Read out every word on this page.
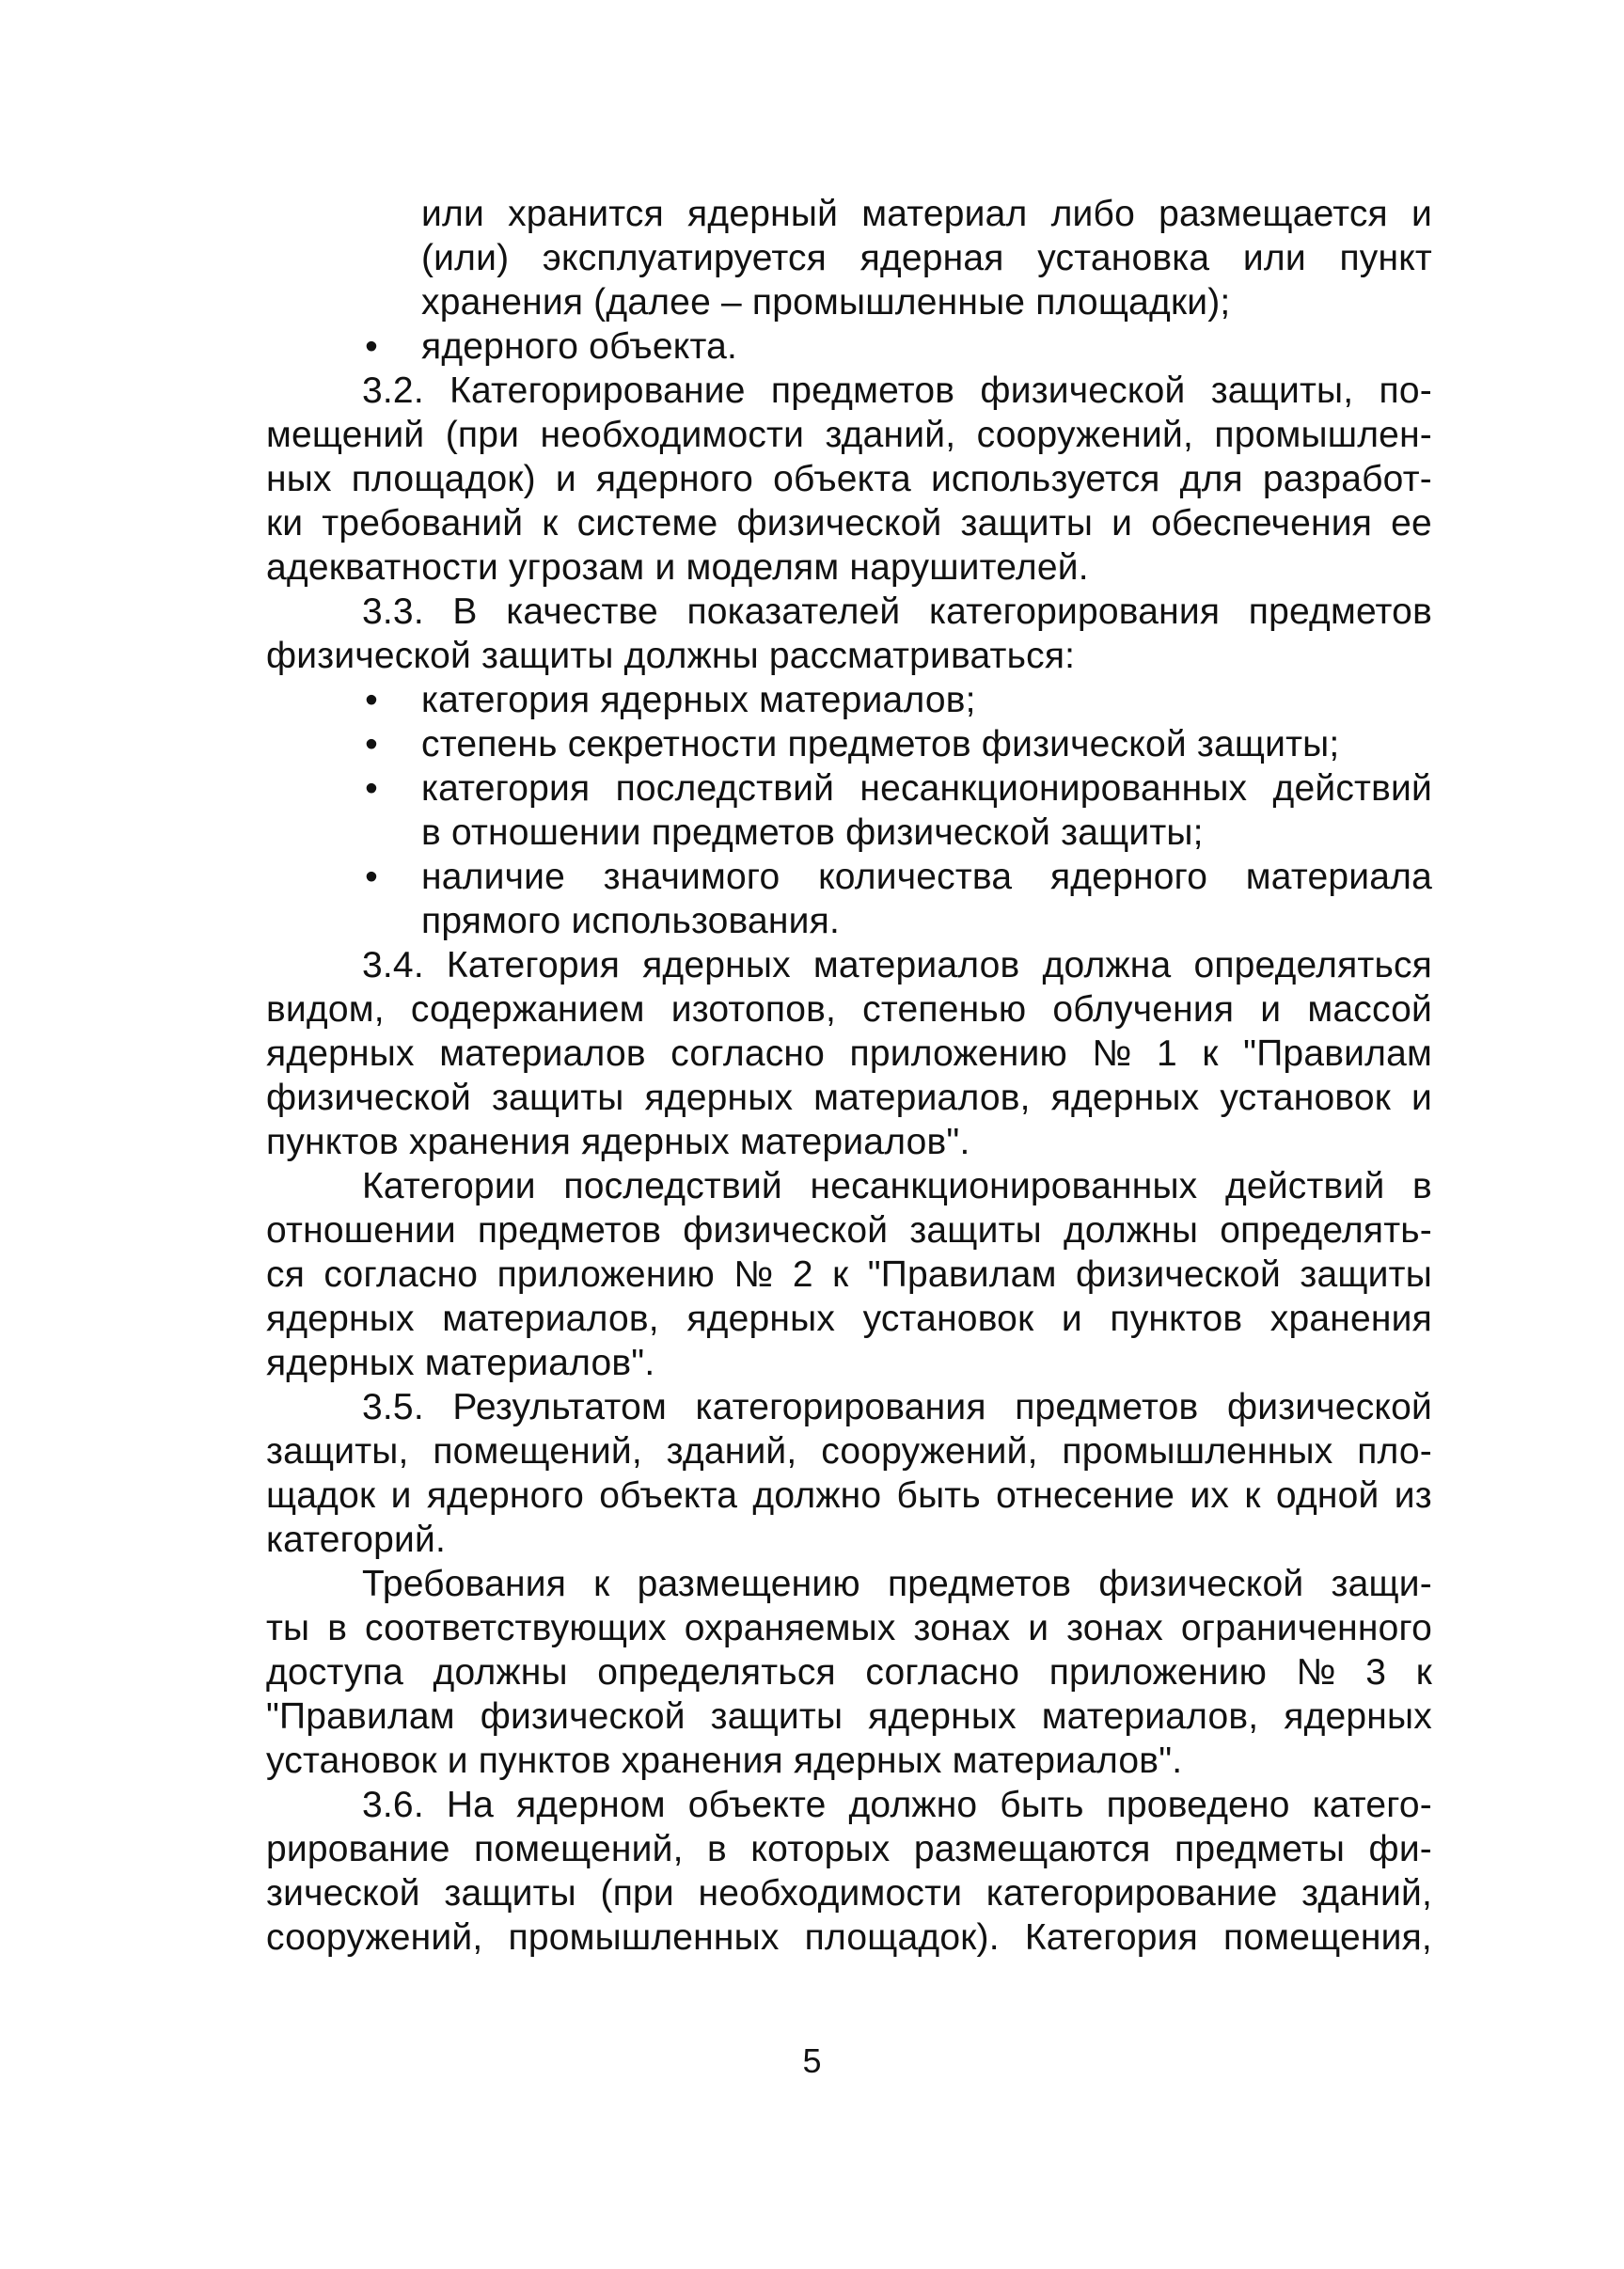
или хранится ядерный материал либо размещается и
(или) эксплуатируется ядерная установка или пункт
хранения (далее – промышленные площадки);
• ядерного объекта.
3.2. Категорирование предметов физической защиты, по-
мещений (при необходимости зданий, сооружений, промышлен-
ных площадок) и ядерного объекта используется для разработ-
ки требований к системе физической защиты и обеспечения ее
адекватности угрозам и моделям нарушителей.
3.3. В качестве показателей категорирования предметов
физической защиты должны рассматриваться:
• категория ядерных материалов;
• степень секретности предметов физической защиты;
• категория последствий несанкционированных действий
в отношении предметов физической защиты;
• наличие значимого количества ядерного материала
прямого использования.
3.4. Категория ядерных материалов должна определяться
видом, содержанием изотопов, степенью облучения и массой
ядерных материалов согласно приложению № 1 к "Правилам
физической защиты ядерных материалов, ядерных установок и
пунктов хранения ядерных материалов".
Категории последствий несанкционированных действий в
отношении предметов физической защиты должны определять-
ся согласно приложению № 2 к "Правилам физической защиты
ядерных материалов, ядерных установок и пунктов хранения
ядерных материалов".
3.5. Результатом категорирования предметов физической
защиты, помещений, зданий, сооружений, промышленных пло-
щадок и ядерного объекта должно быть отнесение их к одной из
категорий.
Требования к размещению предметов физической защи-
ты в соответствующих охраняемых зонах и зонах ограниченного
доступа должны определяться согласно приложению № 3 к
"Правилам физической защиты ядерных материалов, ядерных
установок и пунктов хранения ядерных материалов".
3.6. На ядерном объекте должно быть проведено катего-
рирование помещений, в которых размещаются предметы фи-
зической защиты (при необходимости категорирование зданий,
сооружений, промышленных площадок). Категория помещения,
5
